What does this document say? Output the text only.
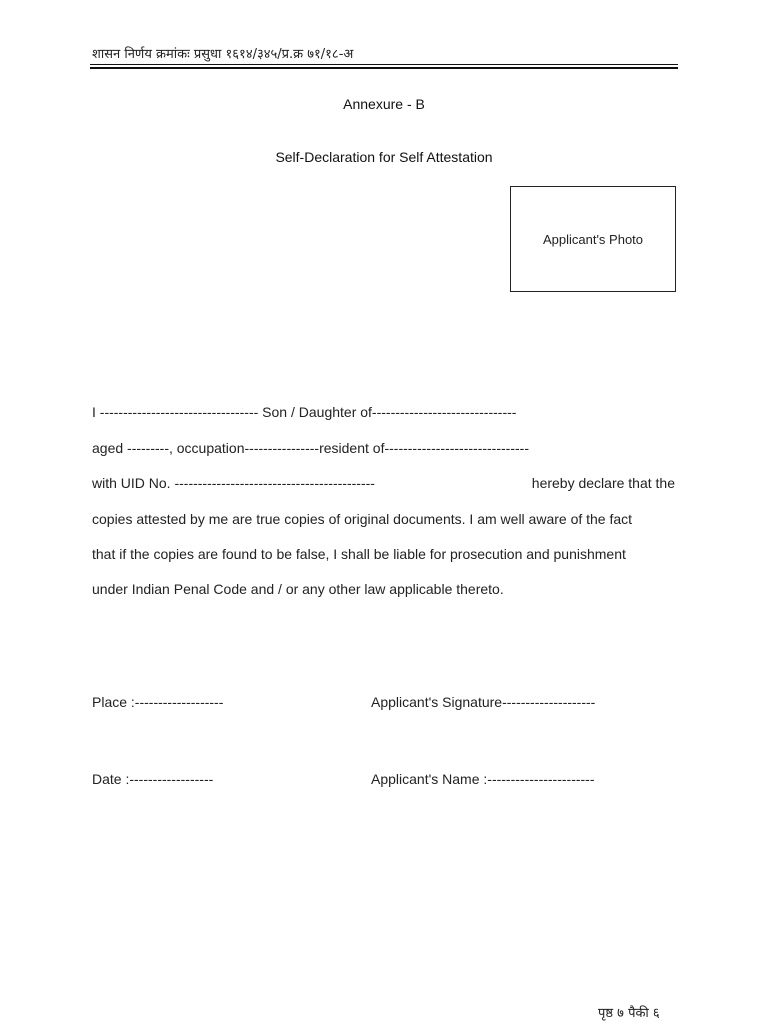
शासन निर्णय क्रमांकः प्रसुधा १६१४/३४५/प्र.क्र ७१/१८-अ
Annexure - B
Self-Declaration for Self Attestation
Applicant's Photo
I ---------------------------------- Son / Daughter of-------------------------------
aged ---------, occupation----------------resident of-------------------------------
with UID No. -------------------------------------------	hereby declare that the
copies attested by me are true copies of original documents. I am well aware of the fact
that if the copies are found to be false, I shall be liable for prosecution and punishment
under Indian Penal Code and / or any other law applicable thereto.
Place :-------------------	Applicant's Signature--------------------
Date :------------------	Applicant's Name :-----------------------
पृष्ठ ७ पैकी ६
